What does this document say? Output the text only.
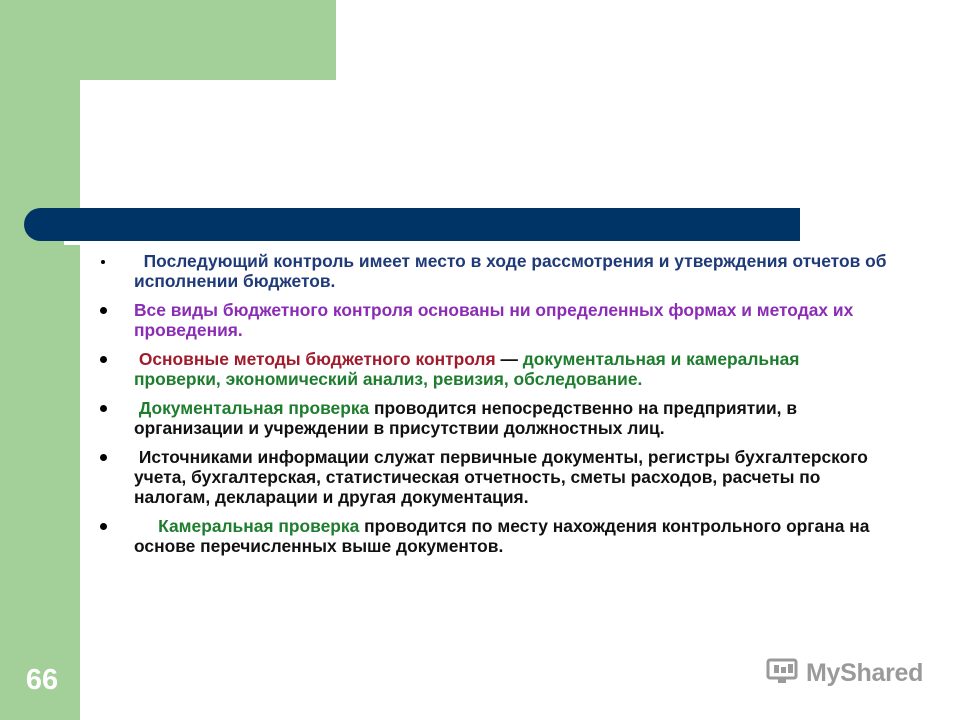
66
Последующий контроль имеет место в ходе рассмотрения и утверждения отчетов об исполнении бюджетов.
Все виды бюджетного контроля основаны ни определенных формах и методах их проведения.
Основные методы бюджетного контроля — документальная и камеральная проверки, экономический анализ, ревизия, обследование.
Документальная проверка проводится непосредственно на предприятии, в организации и учреждении в присутствии должностных лиц.
Источниками информации служат первичные документы, регистры бухгалтерского учета, бухгалтерская, статистическая отчетность, сметы расходов, расчеты по налогам, декларации и другая документация.
Камеральная проверка проводится по месту нахождения контрольного органа на основе перечисленных выше документов.
MyShared
